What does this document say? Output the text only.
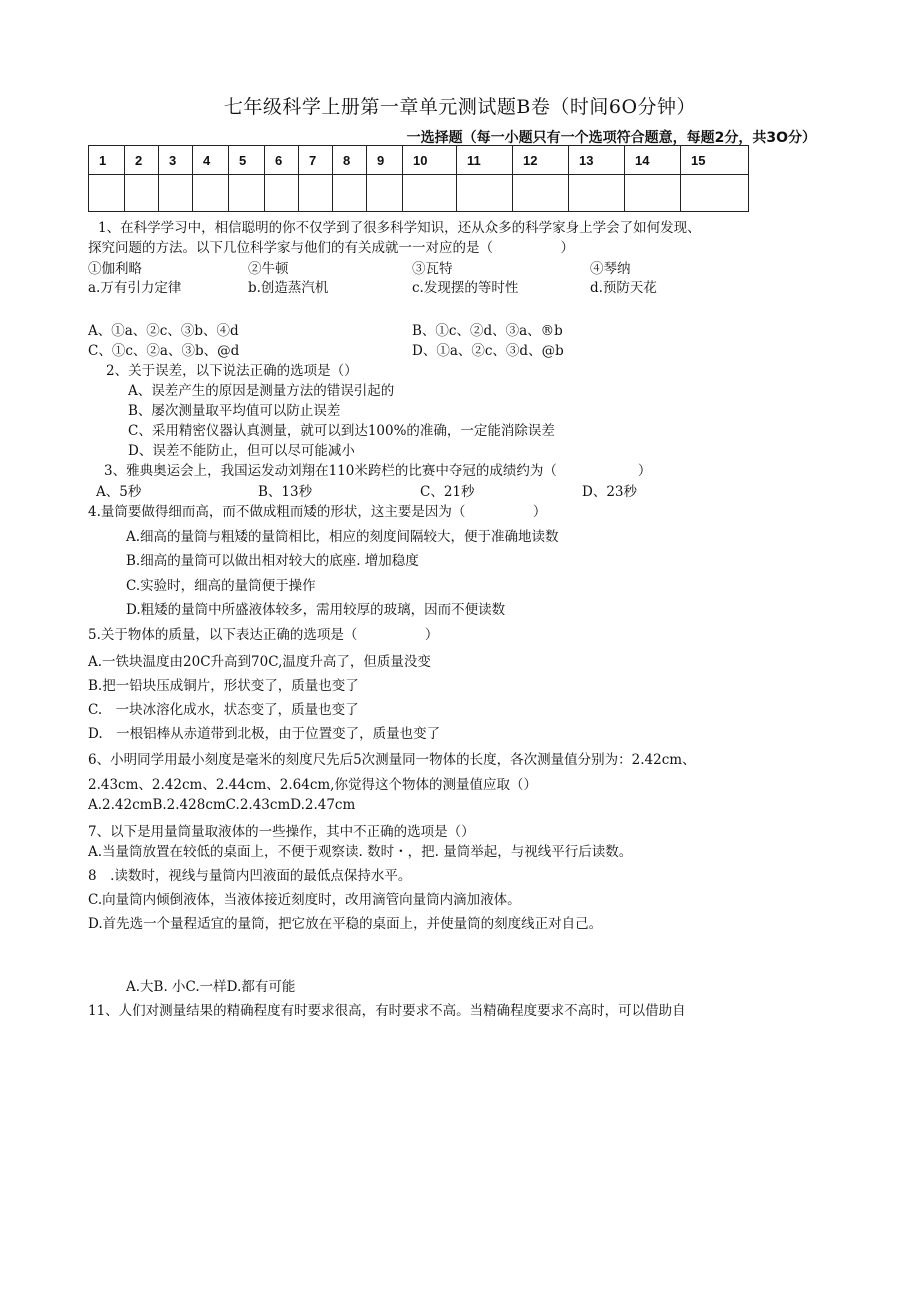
七年级科学上册第一章单元测试题B卷（时间6O分钟）
一选择题（每一小题只有一个选项符合题意，每题2分，共3O分）
1	2	3	4	5	6	7	8	9	10	11	12	13	14	15

1、在科学学习中，相信聪明的你不仅学到了很多科学知识，还从众多的科学家身上学会了如何发现、
探究问题的方法。以下几位科学家与他们的有关成就一一对应的是（　　　　　）
①伽利略	②牛顿	③瓦特	④琴纳
a.万有引力定律	b.创造蒸汽机	c.发现摆的等时性	d.预防天花
A、①a、②c、③b、④d	B、①c、②d、③a、®b
C、①c、②a、③b、@d	D、①a、②c、③d、@b
2、关于误差，以下说法正确的选项是（）
A、误差产生的原因是测量方法的错误引起的
B、屡次测量取平均值可以防止误差
C、采用精密仪器认真测量，就可以到达100%的准确，一定能消除误差
D、误差不能防止，但可以尽可能减小
3、雅典奥运会上，我国运发动刘翔在110米跨栏的比赛中夺冠的成绩约为（　　　　　　）
A、5秒	B、13秒	C、21秒	D、23秒
4.量筒要做得细而高，而不做成粗而矮的形状，这主要是因为（　　　　　）
A.细高的量筒与粗矮的量筒相比，相应的刻度间隔较大，便于准确地读数
B.细高的量筒可以做出相对较大的底座. 增加稳度
C.实验时，细高的量筒便于操作
D.粗矮的量筒中所盛液体较多，需用较厚的玻璃，因而不便读数
5.关于物体的质量，以下表达正确的选项是（　　　　　）
A.一铁块温度由20C升高到70C,温度升高了，但质量没变
B.把一铅块压成铜片，形状变了，质量也变了
C.　一块冰溶化成水，状态变了，质量也变了
D.　一根铝棒从赤道带到北极，由于位置变了，质量也变了
6、小明同学用最小刻度是毫米的刻度尺先后5次测量同一物体的长度，各次测量值分别为：2.42cm、
2.43cm、2.42cm、2.44cm、2.64cm,你觉得这个物体的测量值应取（）
A.2.42cmB.2.428cmC.2.43cmD.2.47cm
7、以下是用量筒量取液体的一些操作，其中不正确的选项是（）
A.当量筒放置在较低的桌面上，不便于观察读. 数时・，把. 量筒举起，与视线平行后读数。
8　.读数时，视线与量筒内凹液面的最低点保持水平。
C.向量筒内倾倒液体，当液体接近刻度时，改用滴管向量筒内滴加液体。
D.首先选一个量程适宜的量筒，把它放在平稳的桌面上，并使量筒的刻度线正对自己。
A.大B. 小C.一样D.都有可能
11、人们对测量结果的精确程度有时要求很高，有时要求不高。当精确程度要求不高时，可以借助自
